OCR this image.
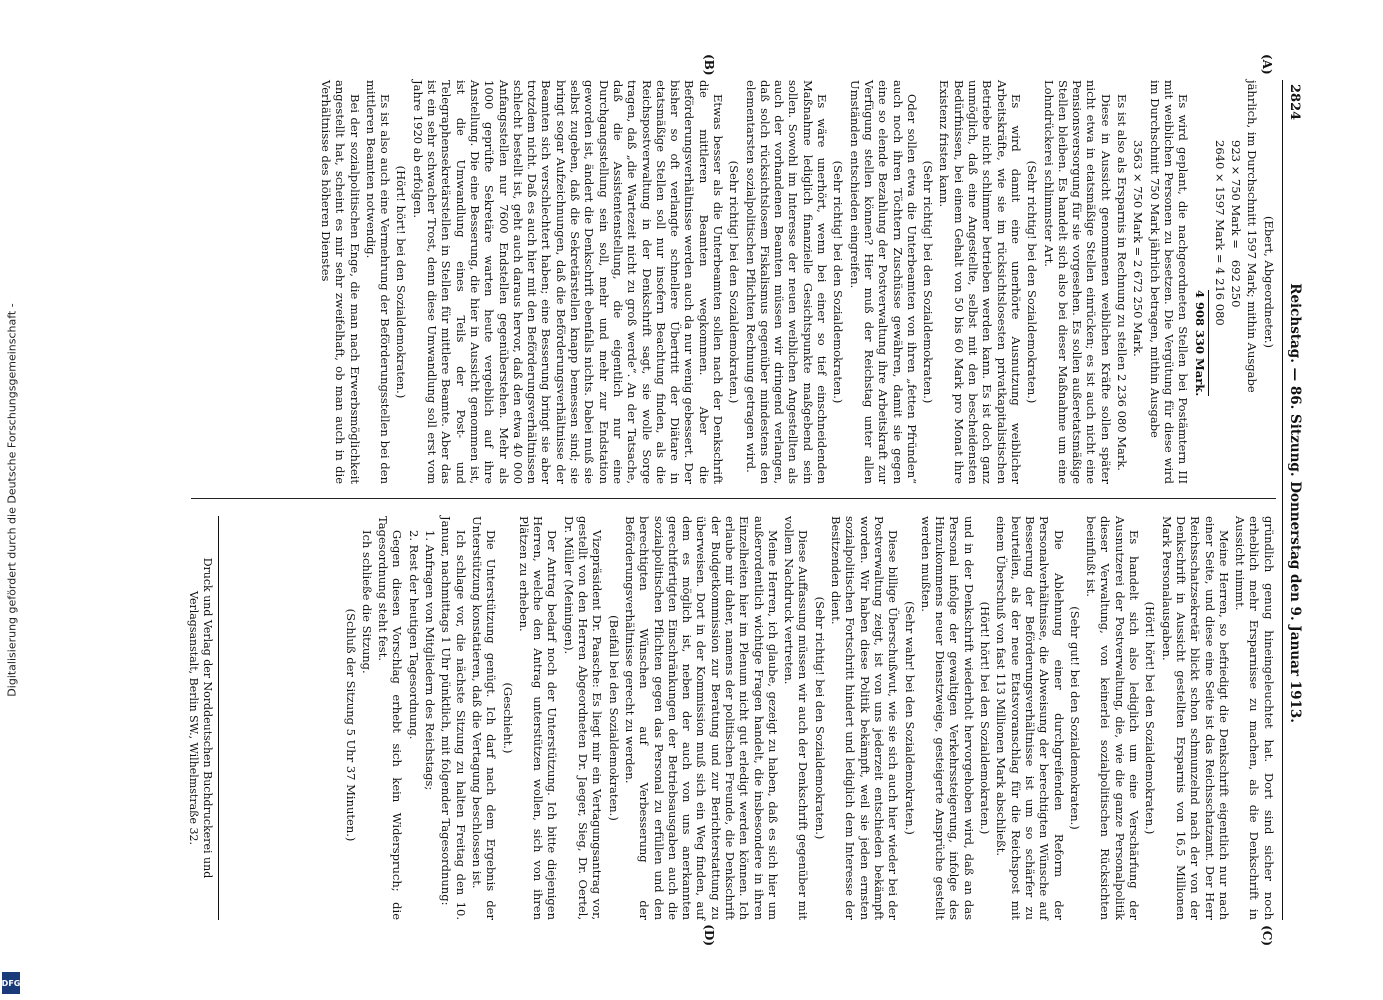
Digitalisierung gefördert durch die Deutsche Forschungsgemeinschaft -
DFG
2824
Reichstag. — 86. Sitzung. Donnerstag den 9. Januar 1913.
(A)
(B)
(C)
(D)

(Ebert, Abgeordneter.)

jährlich, im Durchschnitt 1597 Mark; mithin Ausgabe

923 × 750 Mark =   692 250
2640 × 1597 Mark = 4 216 080
4 908 330 Mark.

Es wird geplant, die nachgeordneten Stellen bei Postämtern III mit weiblichen Personen zu besetzen. Die Vergütung für diese wird im Durchschnitt 750 Mark jährlich betragen, mithin Ausgabe

3563 × 750 Mark = 2 672 250 Mark.

Es ist also als Ersparnis in Rechnung zu stellen 2 236 080 Mark.

Diese in Aussicht genommenen weiblichen Kräfte sollen später nicht etwa in etatsmäßige Stellen einrücken; es ist auch nicht eine Pensionsversorgung für sie vorgesehen. Es sollen außeretatsmäßige Stellen bleiben. Es handelt sich also bei dieser Maßnahme um eine Lohndrückerei schlimmster Art.

(Sehr richtig! bei den Sozialdemokraten.)

Es wird damit eine unerhörte Ausnutzung weiblicher Arbeitskräfte, wie sie im rücksichtslosesten privatkapitalistischen Betriebe nicht schlimmer betrieben werden kann. Es ist doch ganz unmöglich, daß eine Angestellte, selbst mit den bescheidensten Bedürfnissen, bei einem Gehalt von 50 bis 60 Mark pro Monat ihre Existenz fristen kann.

(Sehr richtig! bei den Sozialdemokraten.)

Oder sollen etwa die Unterbeamten von ihren „fetten Pfründen“ auch noch ihren Töchtern Zuschüsse gewähren, damit sie gegen eine so elende Bezahlung der Postverwaltung ihre Arbeitskraft zur Verfügung stellen können? Hier muß der Reichstag unter allen Umständen entschieden eingreifen.

(Sehr richtig! bei den Sozialdemokraten.)

Es wäre unerhört, wenn bei einer so tief einschneidenden Maßnahme lediglich finanzielle Gesichtspunkte maßgebend sein sollen. Sowohl im Interesse der neuen weiblichen Angestellten als auch der vorhandenen Beamten müssen wir dringend verlangen, daß solch rücksichtslosem Fiskalismus gegenüber mindestens den elementarsten sozialpolitischen Pflichten Rechnung getragen wird.

(Sehr richtig! bei den Sozialdemokraten.)

Etwas besser als die Unterbeamten sollen nach der Denkschrift die mittleren Beamten wegkommen. Aber die Beförderungsverhältnisse werden auch da nur wenig gebessert. Der bisher so oft verlangte schnellere Übertritt der Diätare in etatsmäßige Stellen soll nur insofern Beachtung finden, als die Reichspostverwaltung in der Denkschrift sagt, sie wolle Sorge tragen, daß „die Wartezeit nicht zu groß werde“. An der Tatsache, daß die Assistentenstellung, die eigentlich nur eine Durchgangsstellung sein soll, mehr und mehr zur Endstation geworden ist, ändert die Denkschrift ebenfalls nichts. Dabei muß sie selbst zugeben, daß die Sekretärstellen knapp bemessen sind; sie bringt sogar Aufzeichnungen, daß die Beförderungsverhältnisse der Beamten sich verschlechtert haben; eine Besserung bringt sie aber trotzdem nicht. Daß es auch hier mit den Beförderungsverhältnissen schlecht bestellt ist, geht auch daraus hervor, daß den etwa 40 000 Anfangsstellen nur 7600 Endstellen gegenüberstehen. Mehr als 1000 geprüfte Sekretäre warten heute vergeblich auf ihre Anstellung. Die eine Besserung, die hier in Aussicht genommen ist, ist die Umwandlung eines Teils der Post- und Telegraphensekretärstellen in Stellen für mittlere Beamte. Aber das ist ein sehr schwacher Trost, denn diese Umwandlung soll erst vom Jahre 1920 ab erfolgen.

(Hört! hört! bei den Sozialdemokraten.)

Es ist also auch eine Vermehrung der Beförderungsstellen bei den mittleren Beamten notwendig.

Bei der sozialpolitischen Enge, die man nach Erwerbsmöglichkeit angestellt hat, scheint es mir sehr zweifelhaft, ob man auch in die Verhältnisse des höheren Dienstes

gründlich genug hineingeleuchtet hat. Dort sind sicher noch erheblich mehr Ersparnisse zu machen, als die Denkschrift in Aussicht nimmt.

Meine Herren, so befriedigt die Denkschrift eigentlich nur nach einer Seite, und diese eine Seite ist das Reichsschatzamt. Der Herr Reichsschatzsekretär blickt schon schmunzelnd nach der von der Denkschrift in Aussicht gestellten Ersparnis von 16,5 Millionen Mark Personalausgaben.

(Hört! hört! bei den Sozialdemokraten.)

Es handelt sich also lediglich um eine Verschärfung der Ausnutzerei der Postverwaltung, die, wie die ganze Personalpolitik dieser Verwaltung, von keinerlei sozialpolitischen Rücksichten beeinflußt ist.

(Sehr gut! bei den Sozialdemokraten.)

Die Ablehnung einer durchgreifenden Reform der Personalverhältnisse, die Abweisung der berechtigten Wünsche auf Besserung der Beförderungsverhältnisse ist um so schärfer zu beurteilen, als der neue Etatsvoranschlag für die Reichspost mit einem Überschuß von fast 113 Millionen Mark abschließt.

(Hört! hört! bei den Sozialdemokraten.)

und in der Denkschrift wiederholt hervorgehoben wird, daß an das Personal infolge der gewaltigen Verkehrssteigerung, infolge des Hinzukommens neuer Dienstzweige, gesteigerte Ansprüche gestellt werden mußten.

(Sehr wahr! bei den Sozialdemokraten.)

Diese billige Überschußwut, wie sie sich auch hier wieder bei der Postverwaltung zeigt, ist von uns jederzeit entschieden bekämpft worden. Wir haben diese Politik bekämpft, weil sie jeden ernsten sozialpolitischen Fortschritt hindert und lediglich dem Interesse der Besitzenden dient.

(Sehr richtig! bei den Sozialdemokraten.)

Diese Auffassung müssen wir auch der Denkschrift gegenüber mit vollem Nachdruck vertreten.

Meine Herren, ich glaube, gezeigt zu haben, daß es sich hier um außerordentlich wichtige Fragen handelt, die insbesondere in ihren Einzelheiten hier im Plenum nicht gut erledigt werden können. Ich erlaube mir daher, namens der politischen Freunde, die Denkschrift der Budgetkommission zur Beratung und zur Berichterstattung zu überweisen. Dort in der Kommission muß sich ein Weg finden, auf dem es möglich ist, neben der auch von uns anerkannten gerechtfertigten Einschränkungen der Betriebsausgaben auch die sozialpolitischen Pflichten gegen das Personal zu erfüllen und den berechtigten Wünschen auf Verbesserung der Beförderungsverhältnisse gerecht zu werden.

(Beifall bei den Sozialdemokraten.)

Vizepräsident Dr. Paasche: Es liegt mir ein Vertagungsantrag vor, gestellt von den Herren Abgeordneten Dr. Jaeger, Sieg, Dr. Oertel, Dr. Müller (Meiningen).

Der Antrag bedarf noch der Unterstützung. Ich bitte diejenigen Herren, welche den Antrag unterstützen wollen, sich von ihren Plätzen zu erheben.

(Geschieht.)

Die Unterstützung genügt. Ich darf nach dem Ergebnis der Unterstützung konstatieren, daß die Vertagung beschlossen ist.

Ich schlage vor, die nächste Sitzung zu halten Freitag den 10. Januar, nachmittags 1 Uhr pünktlich, mit folgender Tagesordnung:

1. Anfragen von Mitgliedern des Reichstags;

2. Rest der heutigen Tagesordnung.

Gegen diesen Vorschlag erhebt sich kein Widerspruch; die Tagesordnung steht fest.

Ich schließe die Sitzung.

(Schluß der Sitzung 5 Uhr 37 Minuten.)

Druck und Verlag der Norddeutschen Buchdruckerei und Verlagsanstalt, Berlin SW., Wilhelmstraße 32.
